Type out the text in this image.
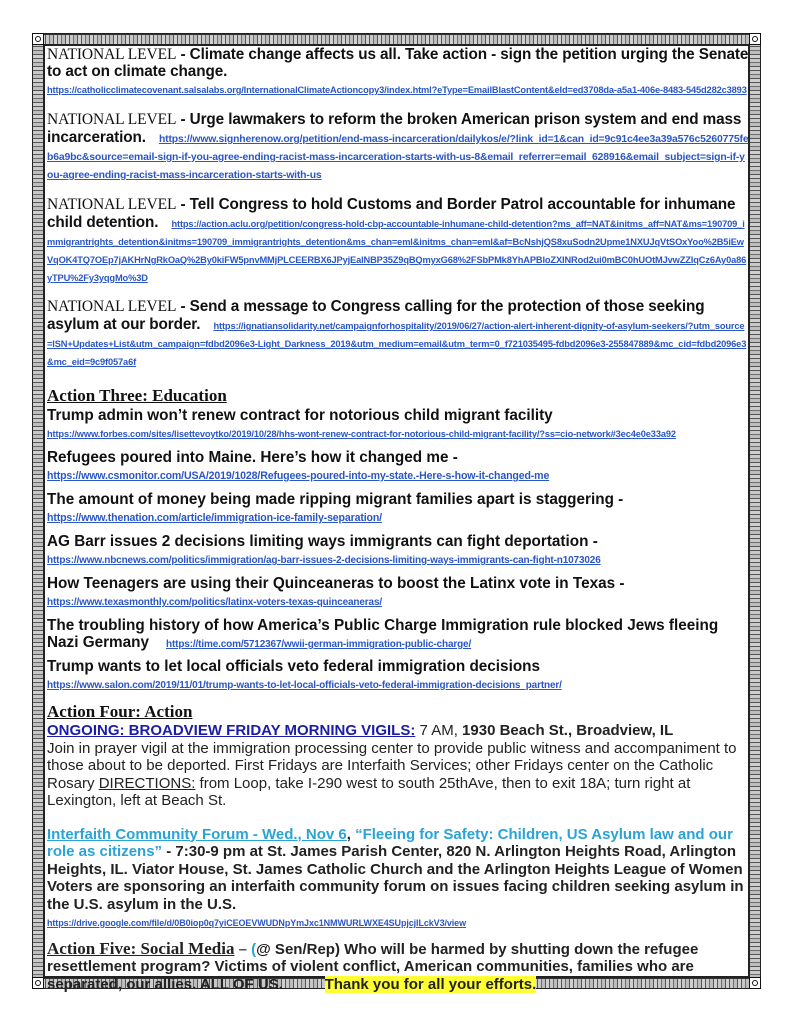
NATIONAL LEVEL - Climate change affects us all. Take action - sign the petition urging the Senate to act on climate change.
https://catholicclimatecovenant.salsalabs.org/InternationalClimateActioncopy3/index.html?eType=EmailBlastContent&eId=ed3708da-a5a1-406e-8483-545d282c3893
NATIONAL LEVEL - Urge lawmakers to reform the broken American prison system and end mass incarceration. https://www.signherenow.org/petition/end-mass-incarceration/dailykos/e/?link_id=1&can_id=9c91c4ee3a39a576c5260775feb6a9bc&source=email-sign-if-you-agree-ending-racist-mass-incarceration-starts-with-us-8&email_referrer=email_628916&email_subject=sign-if-you-agree-ending-racist-mass-incarceration-starts-with-us
NATIONAL LEVEL - Tell Congress to hold Customs and Border Patrol accountable for inhumane child detention. https://action.aclu.org/petition/congress-hold-cbp-accountable-inhumane-child-detention?ms_aff=NAT&initms_aff=NAT&ms=190709_immigrantrights_detention&initms=190709_immigrantrights_detention&ms_chan=eml&initms_chan=eml&af=BcNshjQS8xuSodn2Upme1NXUJqVtSOxYoo%2B5iEwVqOK4TQ7OEp7jAKHrNgRkOaQ%2By0kiFW5pnvMMjPLCEERBX6JPyjEalNBP35Z9qBQmyxG68%2FSbPMk8YhAPBloZXINRod2ui0mBC0hUOtMJvwZZIqCz6Ay0a86yTPU%2Fy3yqgMo%3D
NATIONAL LEVEL - Send a message to Congress calling for the protection of those seeking asylum at our border. https://ignatiansolidarity.net/campaignforhospitality/2019/06/27/action-alert-inherent-dignity-of-asylum-seekers/?utm_source=ISN+Updates+List&utm_campaign=fdbd2096e3-Light_Darkness_2019&utm_medium=email&utm_term=0_f721035495-fdbd2096e3-255847889&mc_cid=fdbd2096e3&mc_eid=9c9f057a6f
Action Three: Education
Trump admin won’t renew contract for notorious child migrant facility
https://www.forbes.com/sites/lisettevoytko/2019/10/28/hhs-wont-renew-contract-for-notorious-child-migrant-facility/?ss=cio-network#3ec4e0e33a92
Refugees poured into Maine. Here’s how it changed me -
https://www.csmonitor.com/USA/2019/1028/Refugees-poured-into-my-state.-Here-s-how-it-changed-me
The amount of money being made ripping migrant families apart is staggering -
https://www.thenation.com/article/immigration-ice-family-separation/
AG Barr issues 2 decisions limiting ways immigrants can fight deportation -
https://www.nbcnews.com/politics/immigration/ag-barr-issues-2-decisions-limiting-ways-immigrants-can-fight-n1073026
How Teenagers are using their Quinceaneras to boost the Latinx vote in Texas -
https://www.texasmonthly.com/politics/latinx-voters-texas-quinceaneras/
The troubling history of how America’s Public Charge Immigration rule blocked Jews fleeing Nazi Germany https://time.com/5712367/wwii-german-immigration-public-charge/
Trump wants to let local officials veto federal immigration decisions
https://www.salon.com/2019/11/01/trump-wants-to-let-local-officials-veto-federal-immigration-decisions_partner/
Action Four: Action
ONGOING: BROADVIEW FRIDAY MORNING VIGILS: 7 AM, 1930 Beach St., Broadview, IL
Join in prayer vigil at the immigration processing center to provide public witness and accompaniment to those about to be deported. First Fridays are Interfaith Services; other Fridays center on the Catholic Rosary DIRECTIONS: from Loop, take I-290 west to south 25thAve, then to exit 18A; turn right at Lexington, left at Beach St.
Interfaith Community Forum - Wed., Nov 6, “Fleeing for Safety: Children, US Asylum law and our role as citizens” - 7:30-9 pm at St. James Parish Center, 820 N. Arlington Heights Road, Arlington Heights, IL. Viator House, St. James Catholic Church and the Arlington Heights League of Women Voters are sponsoring an interfaith community forum on issues facing children seeking asylum in the U.S. asylum in the U.S.
https://drive.google.com/file/d/0B0iop0q7yiCEOEVWUDNpYmJxc1NMWURLWXE4SUpjcjlLckV3/view
Action Five: Social Media – (@ Sen/Rep) Who will be harmed by shutting down the refugee resettlement program? Victims of violent conflict, American communities, families who are separated, our allies. ALL OF US.	Thank you for all your efforts.
